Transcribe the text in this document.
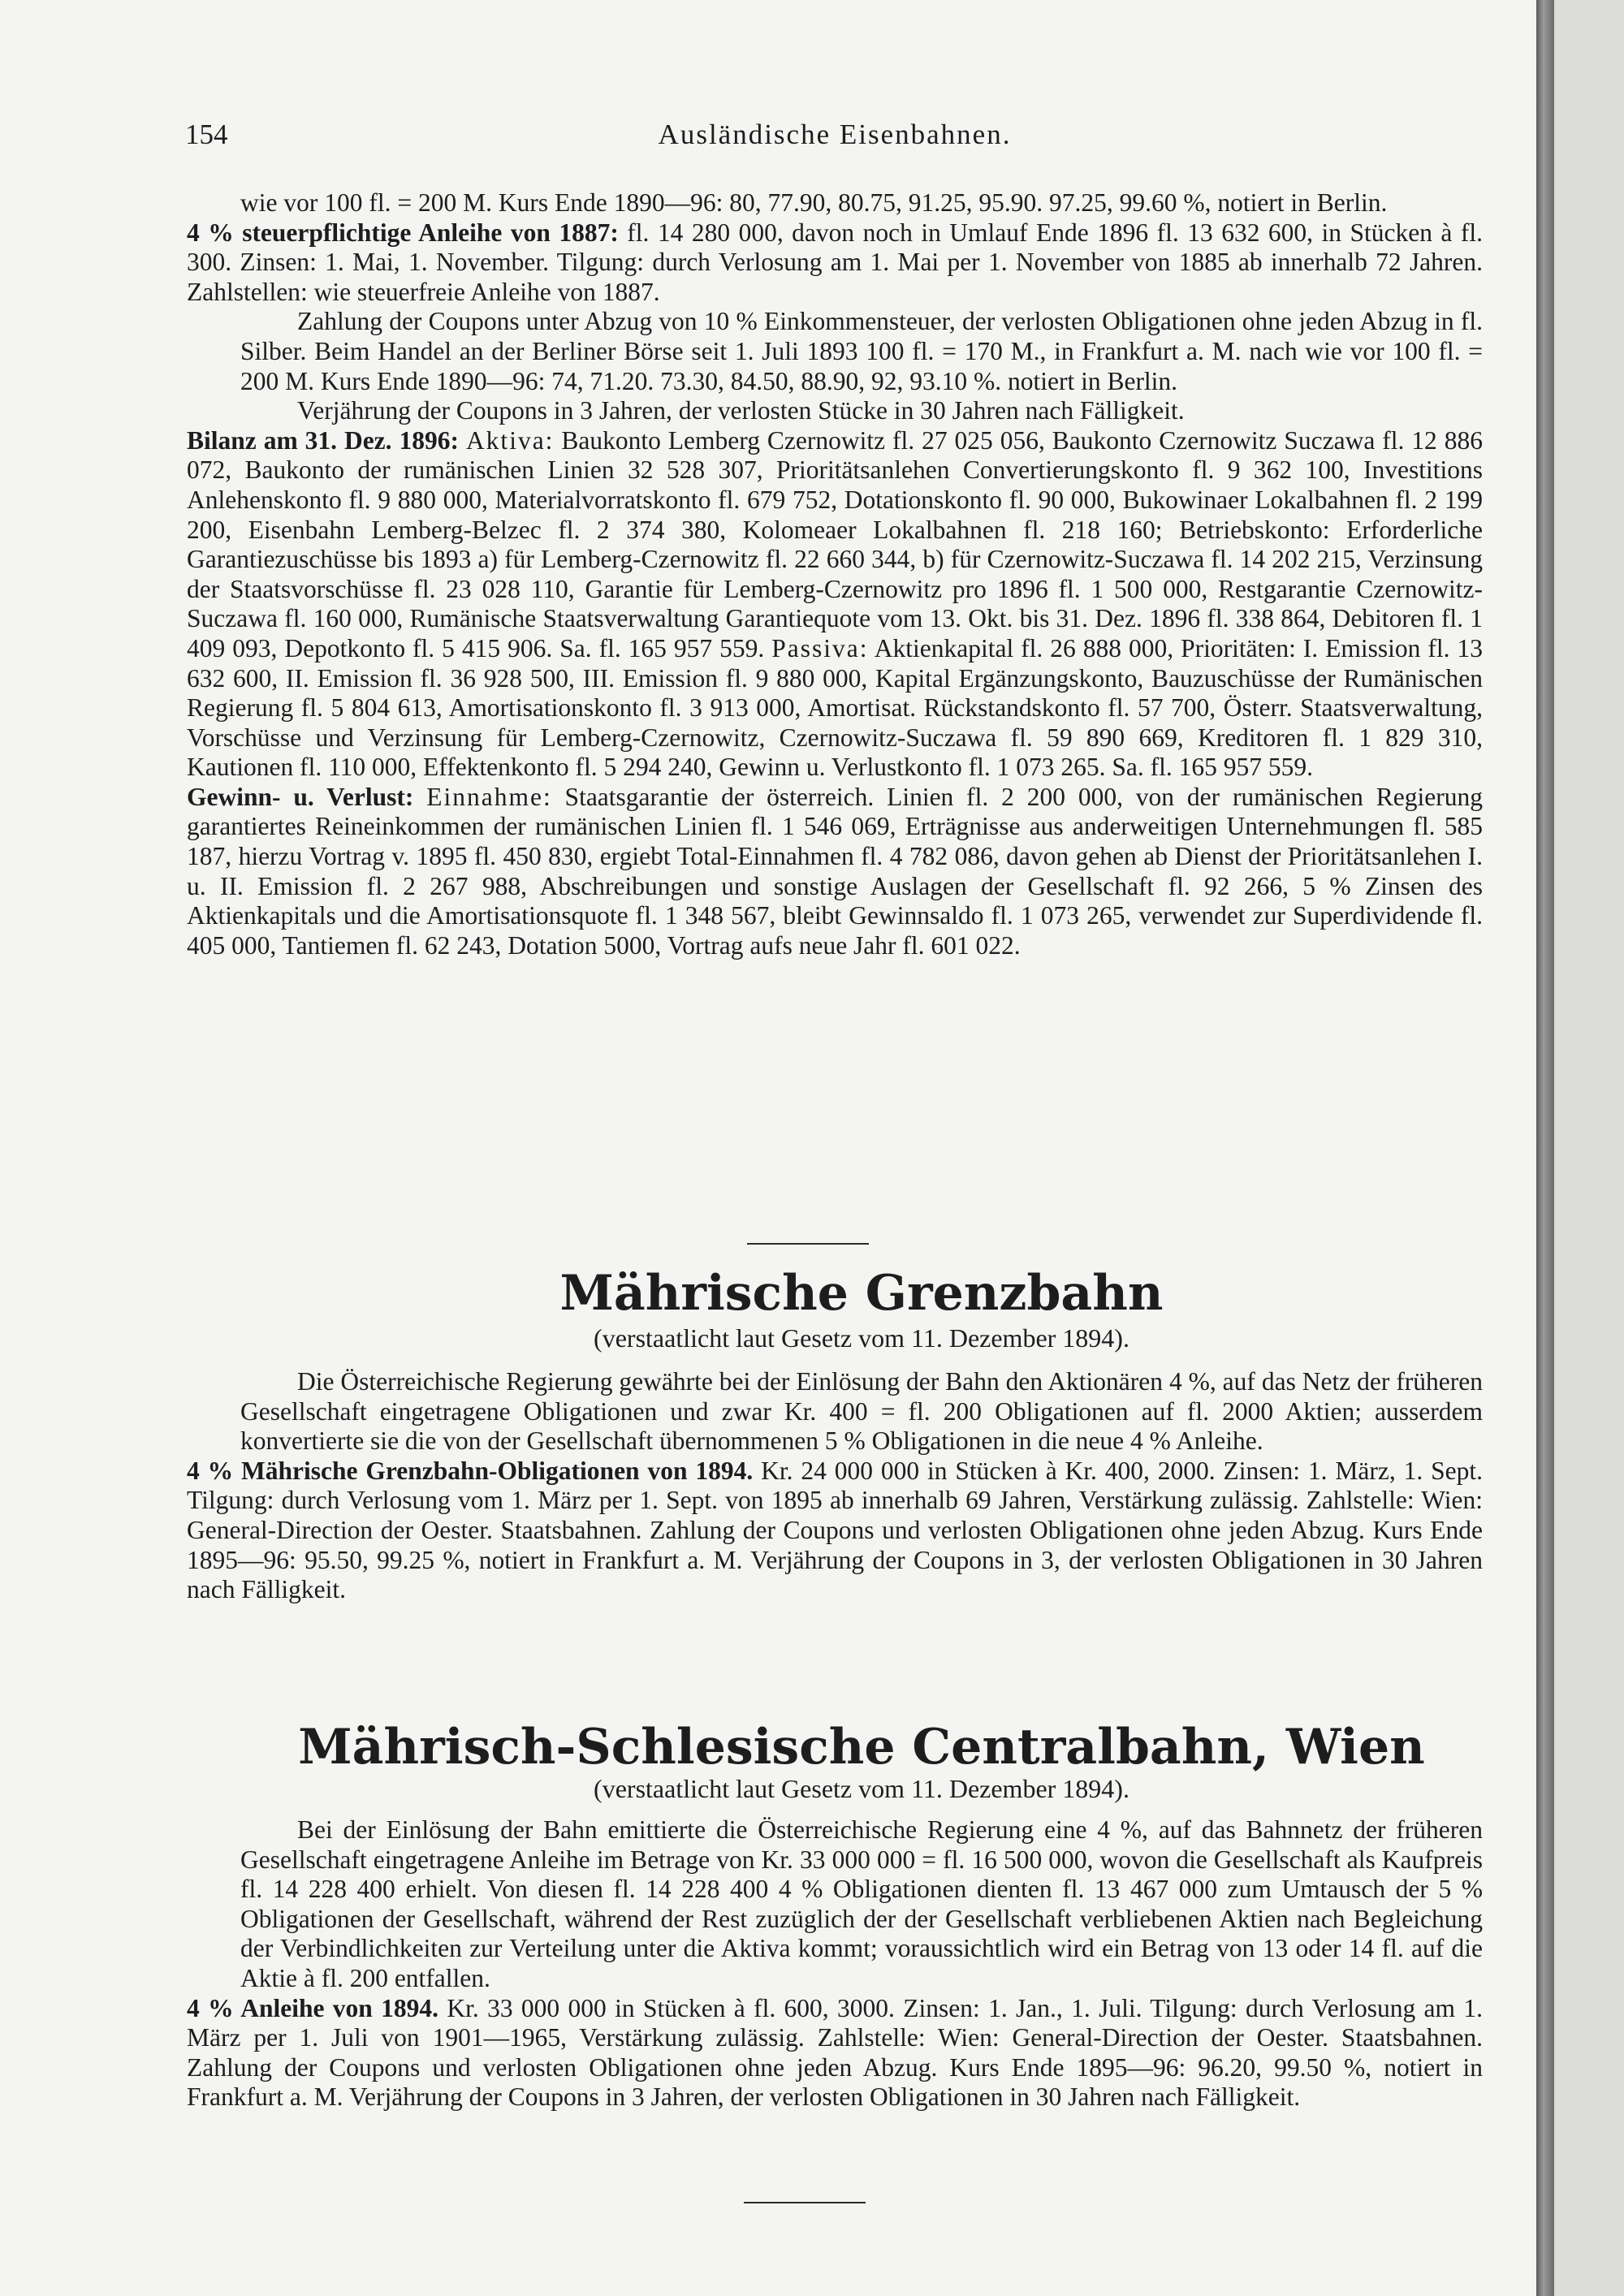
154	Ausländische Eisenbahnen.

wie vor 100 fl. = 200 M. Kurs Ende 1890—96: 80, 77.90, 80.75, 91.25, 95.90. 97.25, 99.60 %, notiert in Berlin.

4 % steuerpflichtige Anleihe von 1887: fl. 14 280 000, davon noch in Umlauf Ende 1896 fl. 13 632 600, in Stücken à fl. 300. Zinsen: 1. Mai, 1. November. Tilgung: durch Verlosung am 1. Mai per 1. November von 1885 ab innerhalb 72 Jahren. Zahlstellen: wie steuerfreie Anleihe von 1887.

Zahlung der Coupons unter Abzug von 10 % Einkommensteuer, der verlosten Obligationen ohne jeden Abzug in fl. Silber. Beim Handel an der Berliner Börse seit 1. Juli 1893 100 fl. = 170 M., in Frankfurt a. M. nach wie vor 100 fl. = 200 M. Kurs Ende 1890—96: 74, 71.20. 73.30, 84.50, 88.90, 92, 93.10 %. notiert in Berlin.

Verjährung der Coupons in 3 Jahren, der verlosten Stücke in 30 Jahren nach Fälligkeit.

Bilanz am 31. Dez. 1896: Aktiva: Baukonto Lemberg Czernowitz fl. 27 025 056, Baukonto Czernowitz Suczawa fl. 12 886 072, Baukonto der rumänischen Linien 32 528 307, Prioritätsanlehen Convertierungskonto fl. 9 362 100, Investitions Anlehenskonto fl. 9 880 000, Materialvorratskonto fl. 679 752, Dotationskonto fl. 90 000, Bukowinaer Lokalbahnen fl. 2 199 200, Eisenbahn Lemberg-Belzec fl. 2 374 380, Kolomeaer Lokalbahnen fl. 218 160; Betriebskonto: Erforderliche Garantiezuschüsse bis 1893 a) für Lemberg-Czernowitz fl. 22 660 344, b) für Czernowitz-Suczawa fl. 14 202 215, Verzinsung der Staatsvorschüsse fl. 23 028 110, Garantie für Lemberg-Czernowitz pro 1896 fl. 1 500 000, Restgarantie Czernowitz-Suczawa fl. 160 000, Rumänische Staatsverwaltung Garantiequote vom 13. Okt. bis 31. Dez. 1896 fl. 338 864, Debitoren fl. 1 409 093, Depotkonto fl. 5 415 906. Sa. fl. 165 957 559. Passiva: Aktienkapital fl. 26 888 000, Prioritäten: I. Emission fl. 13 632 600, II. Emission fl. 36 928 500, III. Emission fl. 9 880 000, Kapital Ergänzungskonto, Bauzuschüsse der Rumänischen Regierung fl. 5 804 613, Amortisationskonto fl. 3 913 000, Amortisat. Rückstandskonto fl. 57 700, Österr. Staatsverwaltung, Vorschüsse und Verzinsung für Lemberg-Czernowitz, Czernowitz-Suczawa fl. 59 890 669, Kreditoren fl. 1 829 310, Kautionen fl. 110 000, Effektenkonto fl. 5 294 240, Gewinn u. Verlustkonto fl. 1 073 265. Sa. fl. 165 957 559.

Gewinn- u. Verlust: Einnahme: Staatsgarantie der österreich. Linien fl. 2 200 000, von der rumänischen Regierung garantiertes Reineinkommen der rumänischen Linien fl. 1 546 069, Erträgnisse aus anderweitigen Unternehmungen fl. 585 187, hierzu Vortrag v. 1895 fl. 450 830, ergiebt Total-Einnahmen fl. 4 782 086, davon gehen ab Dienst der Prioritätsanlehen I. u. II. Emission fl. 2 267 988, Abschreibungen und sonstige Auslagen der Gesellschaft fl. 92 266, 5 % Zinsen des Aktienkapitals und die Amortisationsquote fl. 1 348 567, bleibt Gewinnsaldo fl. 1 073 265, verwendet zur Superdividende fl. 405 000, Tantiemen fl. 62 243, Dotation 5000, Vortrag aufs neue Jahr fl. 601 022.

Mährische Grenzbahn
(verstaatlicht laut Gesetz vom 11. Dezember 1894).

Die Österreichische Regierung gewährte bei der Einlösung der Bahn den Aktionären 4 %, auf das Netz der früheren Gesellschaft eingetragene Obligationen und zwar Kr. 400 = fl. 200 Obligationen auf fl. 2000 Aktien; ausserdem konvertierte sie die von der Gesellschaft übernommenen 5 % Obligationen in die neue 4 % Anleihe.

4 % Mährische Grenzbahn-Obligationen von 1894. Kr. 24 000 000 in Stücken à Kr. 400, 2000. Zinsen: 1. März, 1. Sept. Tilgung: durch Verlosung vom 1. März per 1. Sept. von 1895 ab innerhalb 69 Jahren, Verstärkung zulässig. Zahlstelle: Wien: General-Direction der Oester. Staatsbahnen. Zahlung der Coupons und verlosten Obligationen ohne jeden Abzug. Kurs Ende 1895—96: 95.50, 99.25 %, notiert in Frankfurt a. M. Verjährung der Coupons in 3, der verlosten Obligationen in 30 Jahren nach Fälligkeit.

Mährisch-Schlesische Centralbahn, Wien
(verstaatlicht laut Gesetz vom 11. Dezember 1894).

Bei der Einlösung der Bahn emittierte die Österreichische Regierung eine 4 %, auf das Bahnnetz der früheren Gesellschaft eingetragene Anleihe im Betrage von Kr. 33 000 000 = fl. 16 500 000, wovon die Gesellschaft als Kaufpreis fl. 14 228 400 erhielt. Von diesen fl. 14 228 400 4 % Obligationen dienten fl. 13 467 000 zum Umtausch der 5 % Obligationen der Gesellschaft, während der Rest zuzüglich der der Gesellschaft verbliebenen Aktien nach Begleichung der Verbindlichkeiten zur Verteilung unter die Aktiva kommt; voraussichtlich wird ein Betrag von 13 oder 14 fl. auf die Aktie à fl. 200 entfallen.

4 % Anleihe von 1894. Kr. 33 000 000 in Stücken à fl. 600, 3000. Zinsen: 1. Jan., 1. Juli. Tilgung: durch Verlosung am 1. März per 1. Juli von 1901—1965, Verstärkung zulässig. Zahlstelle: Wien: General-Direction der Oester. Staatsbahnen. Zahlung der Coupons und verlosten Obligationen ohne jeden Abzug. Kurs Ende 1895—96: 96.20, 99.50 %, notiert in Frankfurt a. M. Verjährung der Coupons in 3 Jahren, der verlosten Obligationen in 30 Jahren nach Fälligkeit.
